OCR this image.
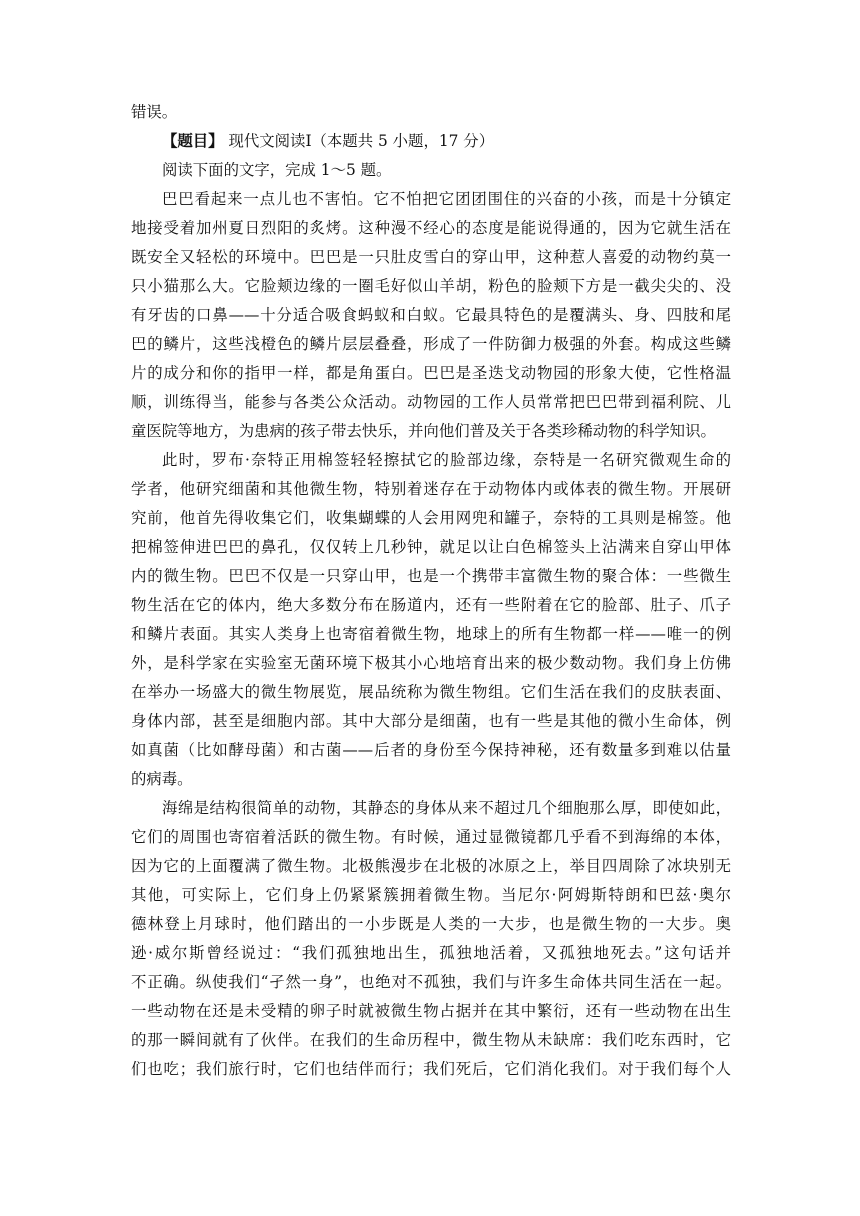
错误。
【题目】 现代文阅读Ⅰ（本题共 5 小题，17 分）
阅读下面的文字，完成 1～5 题。
巴巴看起来一点儿也不害怕。它不怕把它团团围住的兴奋的小孩，而是十分镇定
地接受着加州夏日烈阳的炙烤。这种漫不经心的态度是能说得通的，因为它就生活在
既安全又轻松的环境中。巴巴是一只肚皮雪白的穿山甲，这种惹人喜爱的动物约莫一
只小猫那么大。它脸颊边缘的一圈毛好似山羊胡，粉色的脸颊下方是一截尖尖的、没
有牙齿的口鼻——十分适合吸食蚂蚁和白蚁。它最具特色的是覆满头、身、四肢和尾
巴的鳞片，这些浅橙色的鳞片层层叠叠，形成了一件防御力极强的外套。构成这些鳞
片的成分和你的指甲一样，都是角蛋白。巴巴是圣迭戈动物园的形象大使，它性格温
顺，训练得当，能参与各类公众活动。动物园的工作人员常常把巴巴带到福利院、儿
童医院等地方，为患病的孩子带去快乐，并向他们普及关于各类珍稀动物的科学知识。
此时，罗布·奈特正用棉签轻轻擦拭它的脸部边缘，奈特是一名研究微观生命的
学者，他研究细菌和其他微生物，特别着迷存在于动物体内或体表的微生物。开展研
究前，他首先得收集它们，收集蝴蝶的人会用网兜和罐子，奈特的工具则是棉签。他
把棉签伸进巴巴的鼻孔，仅仅转上几秒钟，就足以让白色棉签头上沾满来自穿山甲体
内的微生物。巴巴不仅是一只穿山甲，也是一个携带丰富微生物的聚合体：一些微生
物生活在它的体内，绝大多数分布在肠道内，还有一些附着在它的脸部、肚子、爪子
和鳞片表面。其实人类身上也寄宿着微生物，地球上的所有生物都一样——唯一的例
外，是科学家在实验室无菌环境下极其小心地培育出来的极少数动物。我们身上仿佛
在举办一场盛大的微生物展览，展品统称为微生物组。它们生活在我们的皮肤表面、
身体内部，甚至是细胞内部。其中大部分是细菌，也有一些是其他的微小生命体，例
如真菌（比如酵母菌）和古菌——后者的身份至今保持神秘，还有数量多到难以估量
的病毒。
海绵是结构很简单的动物，其静态的身体从来不超过几个细胞那么厚，即使如此，
它们的周围也寄宿着活跃的微生物。有时候，通过显微镜都几乎看不到海绵的本体，
因为它的上面覆满了微生物。北极熊漫步在北极的冰原之上，举目四周除了冰块别无
其他，可实际上，它们身上仍紧紧簇拥着微生物。当尼尔·阿姆斯特朗和巴兹·奥尔
德林登上月球时，他们踏出的一小步既是人类的一大步，也是微生物的一大步。奥
逊·威尔斯曾经说过：“我们孤独地出生，孤独地活着，又孤独地死去。”这句话并
不正确。纵使我们“孑然一身”，也绝对不孤独，我们与许多生命体共同生活在一起。
一些动物在还是未受精的卵子时就被微生物占据并在其中繁衍，还有一些动物在出生
的那一瞬间就有了伙伴。在我们的生命历程中，微生物从未缺席：我们吃东西时，它
们也吃；我们旅行时，它们也结伴而行；我们死后，它们消化我们。对于我们每个人
